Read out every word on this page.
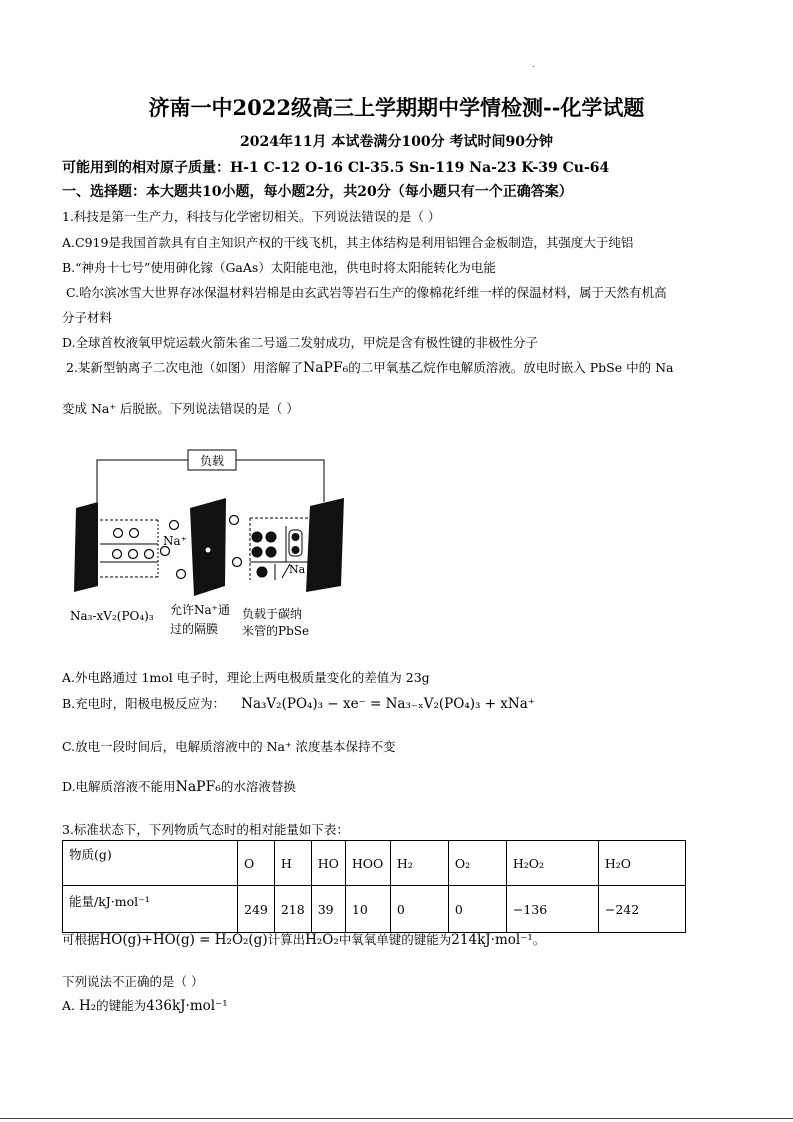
.
济南一中2022级高三上学期期中学情检测--化学试题
2024年11月 本试卷满分100分 考试时间90分钟
可能用到的相对原子质量：H-1 C-12 O-16 Cl-35.5 Sn-119 Na-23 K-39 Cu-64
一、选择题：本大题共10小题，每小题2分，共20分（每小题只有一个正确答案）
1.科技是第一生产力，科技与化学密切相关。下列说法错误的是（ ）
A.C919是我国首款具有自主知识产权的干线飞机，其主体结构是利用铝锂合金板制造，其强度大于纯铝
B.“神舟十七号”使用砷化镓（GaAs）太阳能电池，供电时将太阳能转化为电能
C.哈尔滨冰雪大世界存冰保温材料岩棉是由玄武岩等岩石生产的像棉花纤维一样的保温材料，属于天然有机高
分子材料
D.全球首枚液氧甲烷运载火箭朱雀二号遥二发射成功，甲烷是含有极性键的非极性分子
2.某新型钠离子二次电池（如图）用溶解了NaPF₆的二甲氧基乙烷作电解质溶液。放电时嵌入 PbSe 中的 Na
变成 Na⁺ 后脱嵌。下列说法错误的是（ ）
负载
Na⁺
Na
Na₃-xV₂(PO₄)₃ 允许Na⁺通
过的隔膜
负载于碳纳
米管的PbSe
A.外电路通过 1mol 电子时，理论上两电极质量变化的差值为 23g
B.充电时，阳极电极反应为： Na₃V₂(PO₄)₃ − xe⁻ = Na₃₋ₓV₂(PO₄)₃ + xNa⁺
C.放电一段时间后，电解质溶液中的 Na⁺ 浓度基本保持不变
D.电解质溶液不能用NaPF₆的水溶液替换
3.标准状态下，下列物质气态时的相对能量如下表：
物质(g)	O	H	HO	HOO	H₂	O₂	H₂O₂	H₂O
能量/kJ·mol⁻¹	249	218	39	10	0	0	−136	−242
可根据HO(g)+HO(g) = H₂O₂(g)计算出H₂O₂中氧氧单键的键能为214kJ·mol⁻¹。
下列说法不正确的是（ ）
A. H₂的键能为436kJ·mol⁻¹
